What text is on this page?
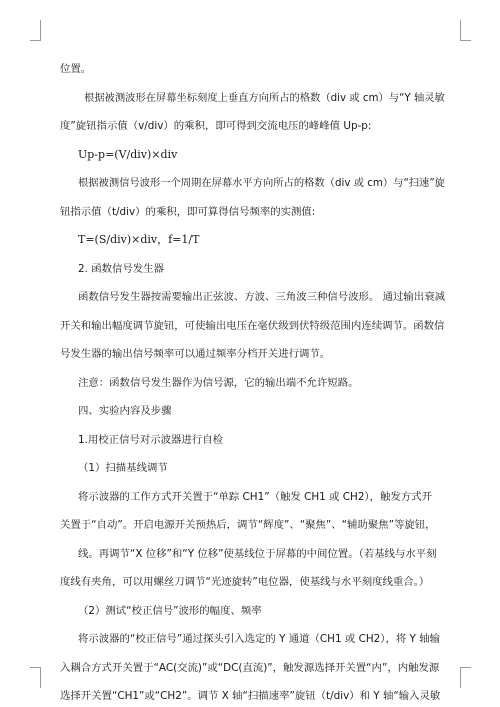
位置。
根据被测波形在屏幕坐标刻度上垂直方向所占的格数（div 或 cm）与“Y 轴灵敏
度”旋钮指示值（v/div）的乘积，即可得到交流电压的峰峰值 Up-p:
Up-p=(V/div)×div
根据被测信号波形一个周期在屏幕水平方向所占的格数（div 或 cm）与“扫速”旋
钮指示值（t/div）的乘积，即可算得信号频率的实测值:
T=(S/div)×div，f=1/T
2. 函数信号发生器
函数信号发生器按需要输出正弦波、方波、三角波三种信号波形。 通过输出衰减
开关和输出幅度调节旋钮，可使输出电压在毫伏级到伏特级范围内连续调节。函数信
号发生器的输出信号频率可以通过频率分档开关进行调节。
注意：函数信号发生器作为信号源，它的输出端不允许短路。
四、实验内容及步骤
1.用校正信号对示波器进行自检
（1）扫描基线调节
将示波器的工作方式开关置于“单踪 CH1”（触发 CH1 或 CH2），触发方式开
关置于“自动”。开启电源开关预热后，调节“辉度”、“聚焦”、“辅助聚焦”等旋钮，
线。再调节“X 位移”和“Y 位移”使基线位于屏幕的中间位置。（若基线与水平刻
度线有夹角，可以用螺丝刀调节“光迹旋转”电位器，使基线与水平刻度线重合。）
（2）测试“校正信号”波形的幅度、频率
将示波器的“校正信号”通过探头引入选定的 Y 通道（CH1 或 CH2），将 Y 轴输
入耦合方式开关置于“AC(交流)”或“DC(直流)”，触发源选择开关置“内”，内触发源
选择开关置“CH1”或“CH2”。调节 X 轴“扫描速率”旋钮（t/div）和 Y 轴“输入灵敏
